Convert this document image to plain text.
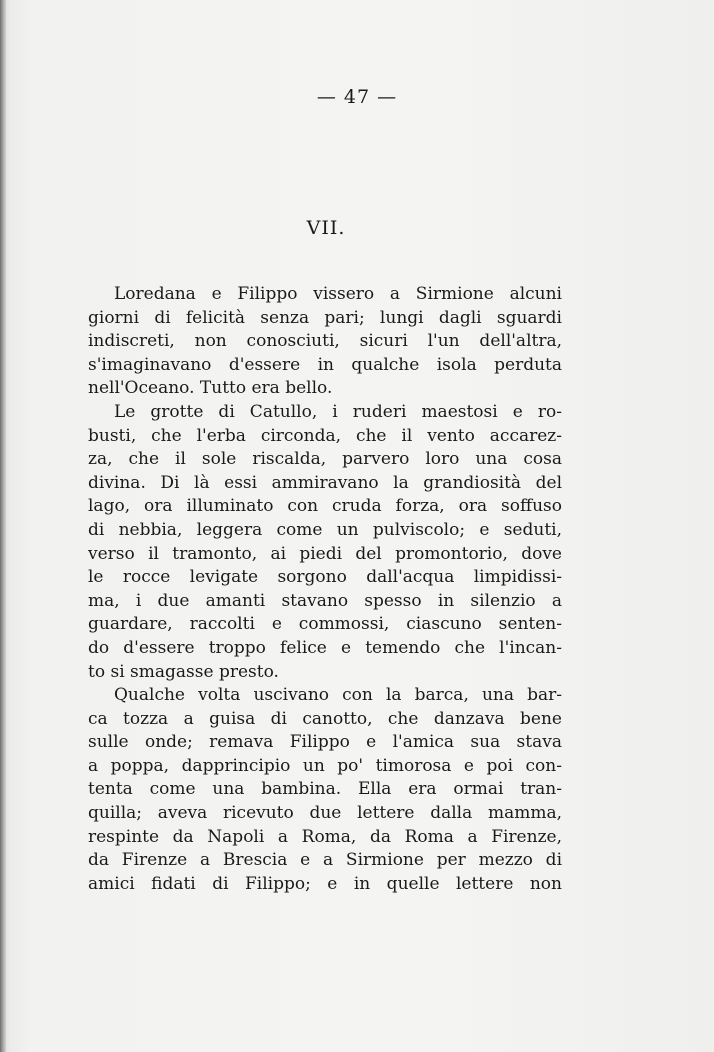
— 47 —
VII.
Loredana e Filippo vissero a Sirmione alcuni
giorni di felicità senza pari; lungi dagli sguardi
indiscreti, non conosciuti, sicuri l'un dell'altra,
s'imaginavano d'essere in qualche isola perduta
nell'Oceano. Tutto era bello.
Le grotte di Catullo, i ruderi maestosi e ro-
busti, che l'erba circonda, che il vento accarez-
za, che il sole riscalda, parvero loro una cosa
divina. Di là essi ammiravano la grandiosità del
lago, ora illuminato con cruda forza, ora soffuso
di nebbia, leggera come un pulviscolo; e seduti,
verso il tramonto, ai piedi del promontorio, dove
le rocce levigate sorgono dall'acqua limpidissi-
ma, i due amanti stavano spesso in silenzio a
guardare, raccolti e commossi, ciascuno senten-
do d'essere troppo felice e temendo che l'incan-
to si smagasse presto.
Qualche volta uscivano con la barca, una bar-
ca tozza a guisa di canotto, che danzava bene
sulle onde; remava Filippo e l'amica sua stava
a poppa, dapprincipio un po' timorosa e poi con-
tenta come una bambina. Ella era ormai tran-
quilla; aveva ricevuto due lettere dalla mamma,
respinte da Napoli a Roma, da Roma a Firenze,
da Firenze a Brescia e a Sirmione per mezzo di
amici fidati di Filippo; e in quelle lettere non
